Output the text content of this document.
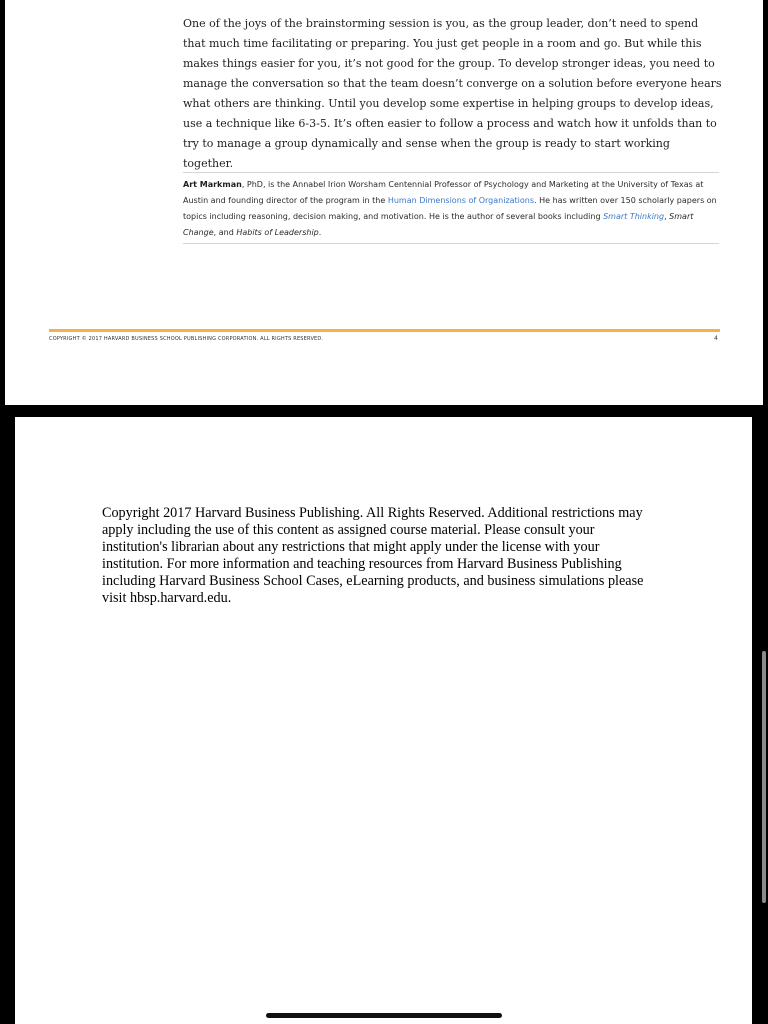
One of the joys of the brainstorming session is you, as the group leader, don’t need to spend that much time facilitating or preparing. You just get people in a room and go. But while this makes things easier for you, it’s not good for the group. To develop stronger ideas, you need to manage the conversation so that the team doesn’t converge on a solution before everyone hears what others are thinking. Until you develop some expertise in helping groups to develop ideas, use a technique like 6-3-5. It’s often easier to follow a process and watch how it unfolds than to try to manage a group dynamically and sense when the group is ready to start working together.

Art Markman, PhD, is the Annabel Irion Worsham Centennial Professor of Psychology and Marketing at the University of Texas at Austin and founding director of the program in the Human Dimensions of Organizations. He has written over 150 scholarly papers on topics including reasoning, decision making, and motivation. He is the author of several books including Smart Thinking, Smart Change, and Habits of Leadership.

COPYRIGHT © 2017 HARVARD BUSINESS SCHOOL PUBLISHING CORPORATION. ALL RIGHTS RESERVED.	4

Copyright 2017 Harvard Business Publishing. All Rights Reserved. Additional restrictions may apply including the use of this content as assigned course material. Please consult your institution's librarian about any restrictions that might apply under the license with your institution. For more information and teaching resources from Harvard Business Publishing including Harvard Business School Cases, eLearning products, and business simulations please visit hbsp.harvard.edu.
